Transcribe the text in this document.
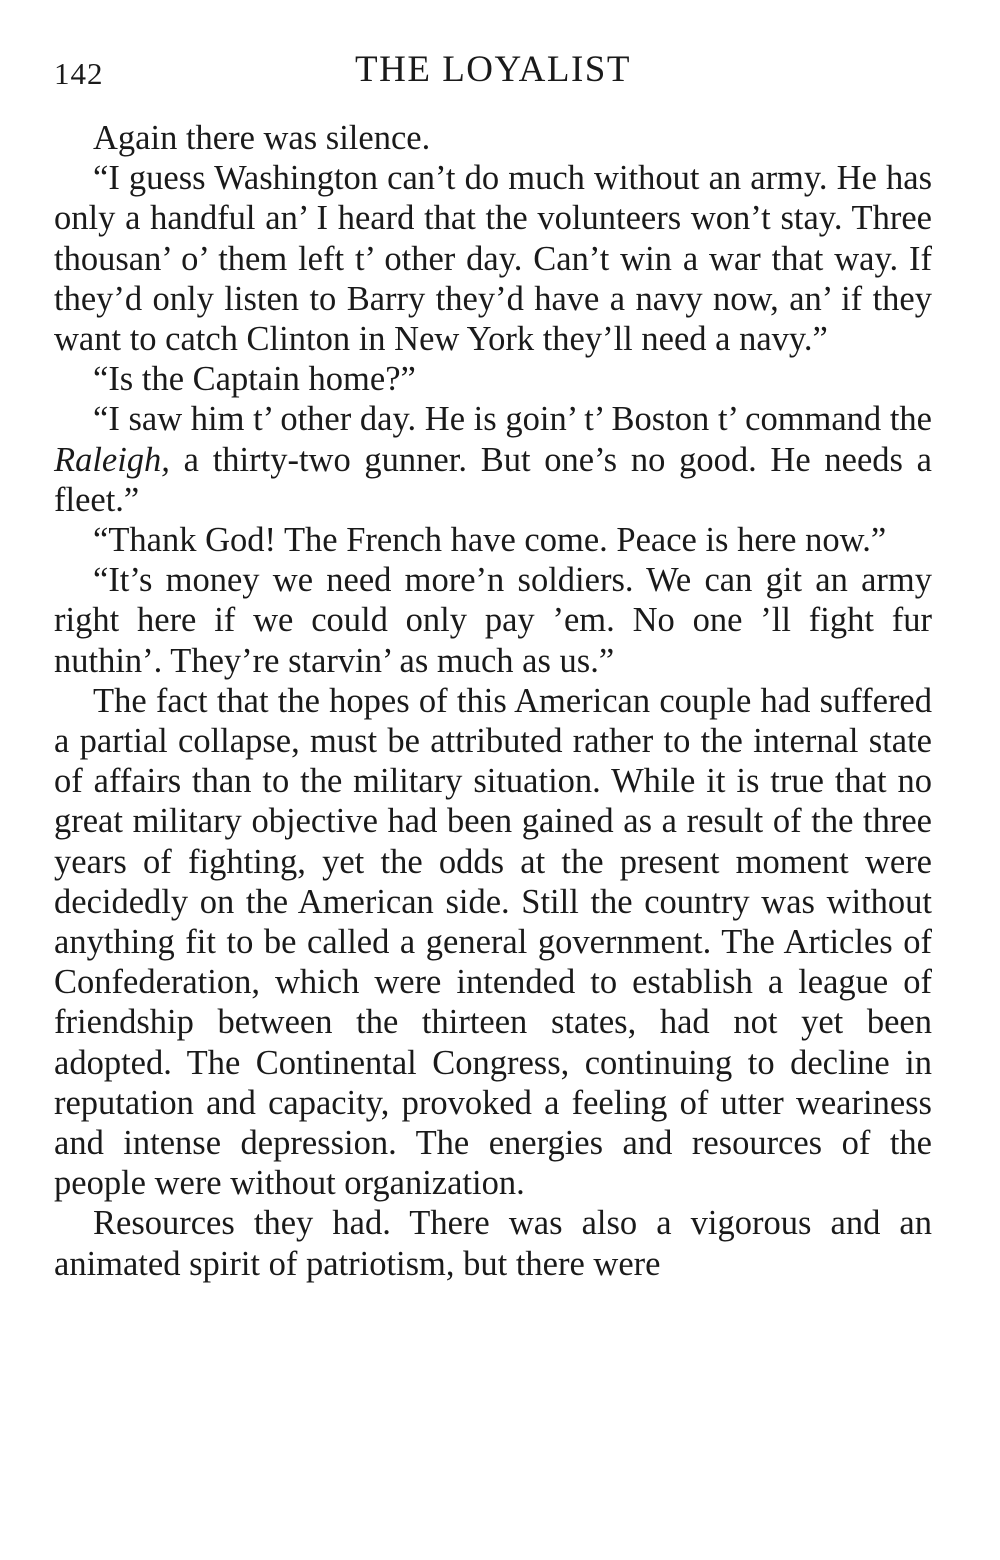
142	THE LOYALIST

Again there was silence.

“I guess Washington can’t do much without an army. He has only a handful an’ I heard that the volunteers won’t stay. Three thousan’ o’ them left t’ other day. Can’t win a war that way. If they’d only listen to Barry they’d have a navy now, an’ if they want to catch Clinton in New York they’ll need a navy.”

“Is the Captain home?”

“I saw him t’ other day. He is goin’ t’ Boston t’ command the Raleigh, a thirty-two gunner. But one’s no good. He needs a fleet.”

“Thank God! The French have come. Peace is here now.”

“It’s money we need more’n soldiers. We can git an army right here if we could only pay ’em. No one ’ll fight fur nuthin’. They’re starvin’ as much as us.”

The fact that the hopes of this American couple had suffered a partial collapse, must be attributed rather to the internal state of affairs than to the military situation. While it is true that no great military objective had been gained as a result of the three years of fighting, yet the odds at the present moment were decidedly on the American side. Still the country was without anything fit to be called a general government. The Articles of Confederation, which were intended to establish a league of friendship between the thirteen states, had not yet been adopted. The Continental Congress, continuing to decline in reputation and capacity, provoked a feeling of utter weariness and intense depression. The energies and resources of the people were without organization.

Resources they had. There was also a vigorous and an animated spirit of patriotism, but there were
